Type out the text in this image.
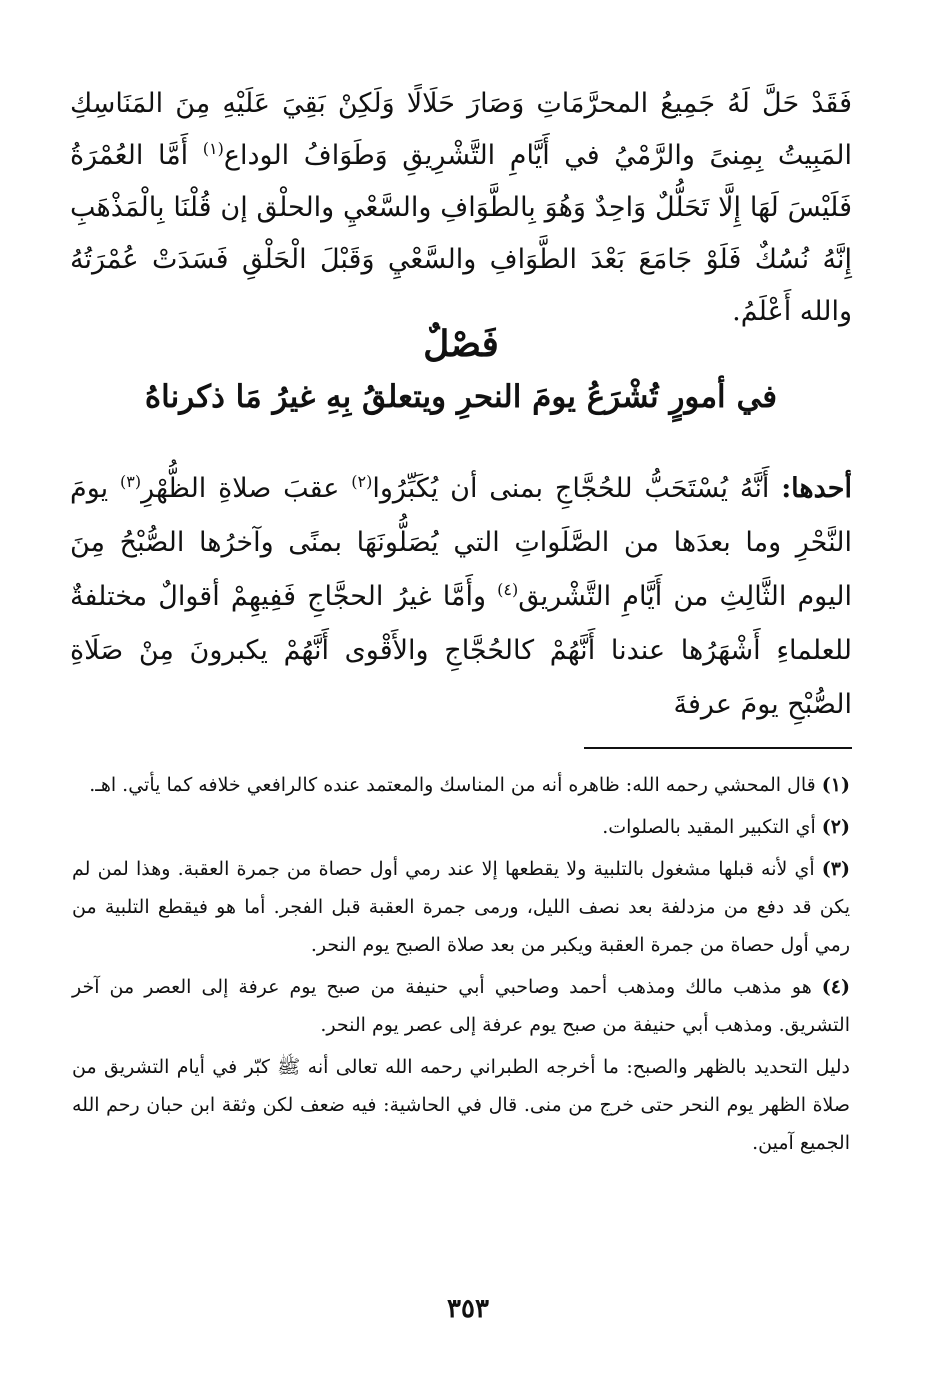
فَقَدْ حَلَّ لَهُ جَمِيعُ المحرَّمَاتِ وَصَارَ حَلَالًا وَلَكِنْ بَقِيَ عَلَيْهِ مِنَ المَنَاسِكِ المَبِيتُ بِمِنىً والرَّمْيُ في أَيَّامِ التَّشْرِيقِ وَطَوَافُ الوداع$^{(١)}$ أَمَّا العُمْرَةُ فَلَيْسَ لَهَا إِلَّا تَحَلُّلٌ وَاحِدٌ وَهُوَ بِالطَّوَافِ والسَّعْيِ والحلْق إن قُلْنَا بِالْمَذْهَبِ إِنَّهُ نُسُكٌ فَلَوْ جَامَعَ بَعْدَ الطَّوَافِ والسَّعْيِ وَقَبْلَ الْحَلْقِ فَسَدَتْ عُمْرَتُهُ والله أَعْلَمُ.

فَصْلٌ
في أمورٍ تُشْرَعُ يومَ النحرِ ويتعلقُ بِهِ غيرُ مَا ذكرناهُ
أحدها: أَنَّهُ يُسْتَحَبُّ للحُجَّاجِ بمنى أن يُكَبِّرُوا$^{(٢)}$ عقبَ صلاةِ الظُّهْرِ$^{(٣)}$ يومَ النَّحْرِ وما بعدَها من الصَّلَواتِ التي يُصَلُّونَهَا بمنًى وآخرُها الصُّبْحُ مِنَ اليوم الثَّالِثِ من أَيَّامِ التَّشْريق$^{(٤)}$ وأَمَّا غيرُ الحجَّاجِ فَفِيهِمْ أقوالٌ مختلفةٌ للعلماءِ أَشْهَرُها عندنا أَنَّهُمْ كالحُجَّاجِ والأَقْوى أَنَّهُمْ يكبرونَ مِنْ صَلَاةِ الصُّبْحِ يومَ عرفةَ

(١) قال المحشي رحمه الله: ظاهره أنه من المناسك والمعتمد عنده كالرافعي خلافه كما يأتي. اهـ.

(٢) أي التكبير المقيد بالصلوات.

(٣) أي لأنه قبلها مشغول بالتلبية ولا يقطعها إلا عند رمي أول حصاة من جمرة العقبة. وهذا لمن لم يكن قد دفع من مزدلفة بعد نصف الليل، ورمى جمرة العقبة قبل الفجر. أما هو فيقطع التلبية من رمي أول حصاة من جمرة العقبة ويكبر من بعد صلاة الصبح يوم النحر.

(٤) هو مذهب مالك ومذهب أحمد وصاحبي أبي حنيفة من صبح يوم عرفة إلى العصر من آخر التشريق. ومذهب أبي حنيفة من صبح يوم عرفة إلى عصر يوم النحر.

دليل التحديد بالظهر والصبح: ما أخرجه الطبراني رحمه الله تعالى أنه ﷺ كبّر في أيام التشريق من صلاة الظهر يوم النحر حتى خرج من منى. قال في الحاشية: فيه ضعف لكن وثقة ابن حبان رحم الله الجميع آمين.

٣٥٣
